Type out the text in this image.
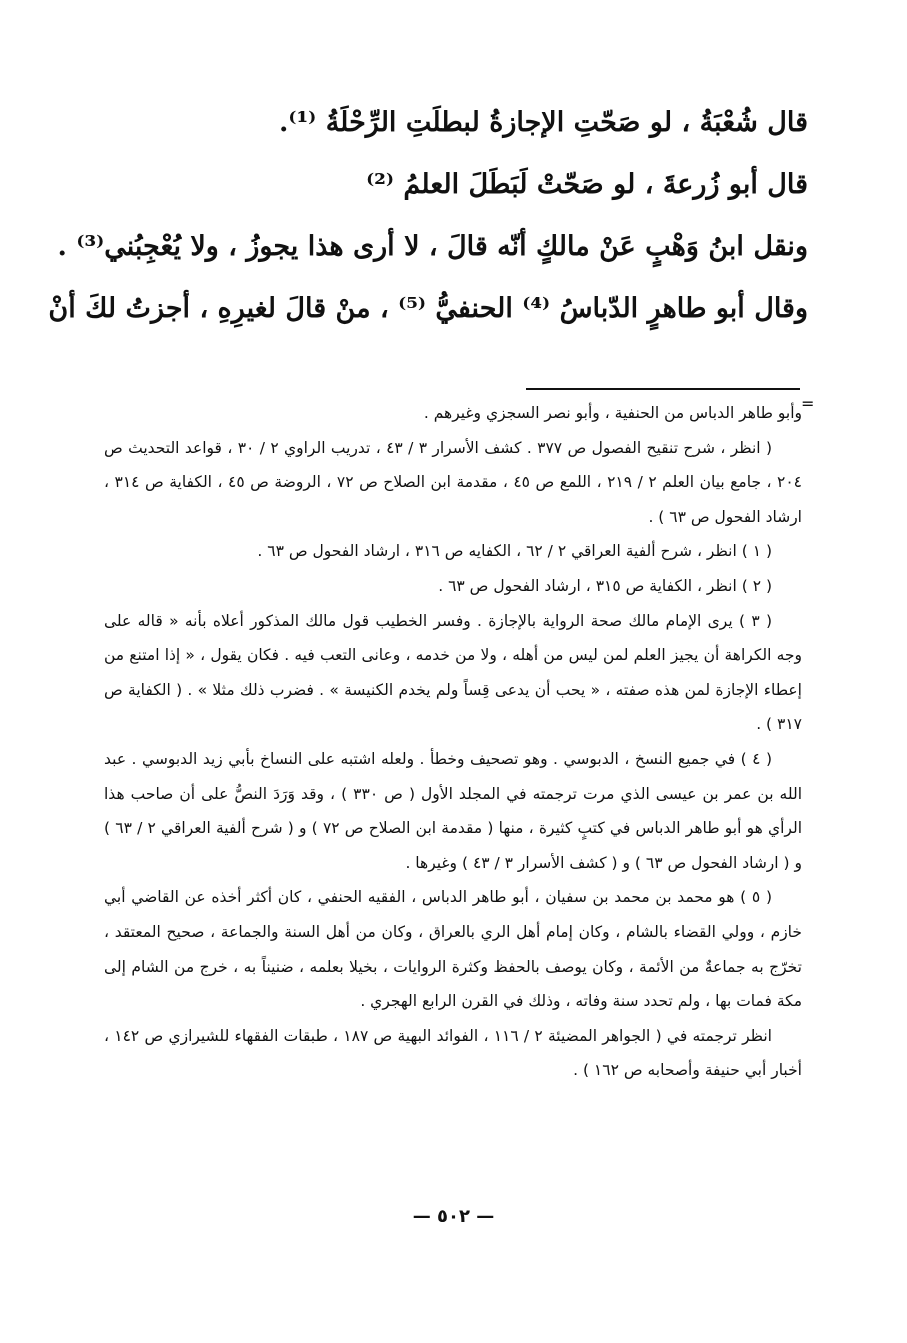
قال شُعْبَةُ ، لو صَحّتِ الإجازةُ لبطلَتِ الرِّحْلَةُ ⁽¹⁾.
قال أبو زُرعةَ ، لو صَحّتْ لَبَطَلَ العلمُ ⁽²⁾
ونقل ابنُ وَهْبٍ عَنْ مالكٍ أنّه قالَ ، لا أرى هذا يجوزُ ، ولا يُعْجِبُني⁽³⁾ .
وقال أبو طاهرٍ الدّباسُ ⁽⁴⁾ الحنفيُّ ⁽⁵⁾ ، منْ قالَ لغيرِهِ ، أجزتُ لكَ أنْ
=

وأبو طاهر الدباس من الحنفية ، وأبو نصر السجزي وغيرهم .

( انظر ، شرح تنقيح الفصول ص ٣٧٧ . كشف الأسرار ٣ / ٤٣ ، تدريب الراوي ٢ / ٣٠ ، قواعد التحديث ص ٢٠٤ ، جامع بيان العلم ٢ / ٢١٩ ، اللمع ص ٤٥ ، مقدمة ابن الصلاح ص ٧٢ ، الروضة ص ٤٥ ، الكفاية ص ٣١٤ ، ارشاد الفحول ص ٦٣ ) .

( ١ ) انظر ، شرح ألفية العراقي ٢ / ٦٢ ، الكفايه ص ٣١٦ ، ارشاد الفحول ص ٦٣ .

( ٢ ) انظر ، الكفاية ص ٣١٥ ، ارشاد الفحول ص ٦٣ .

( ٣ ) يرى الإمام مالك صحة الرواية بالإجازة . وفسر الخطيب قول مالك المذكور أعلاه بأنه « قاله على وجه الكراهة أن يجيز العلم لمن ليس من أهله ، ولا من خدمه ، وعانى التعب فيه . فكان يقول ، « إذا امتنع من إعطاء الإجازة لمن هذه صفته ، « يحب أن يدعى قِساً ولم يخدم الكنيسة » . فضرب ذلك مثلا » . ( الكفاية ص ٣١٧ ) .

( ٤ ) في جميع النسخ ، الدبوسي . وهو تصحيف وخطأ . ولعله اشتبه على النساخ بأبي زيد الدبوسي . عبد الله بن عمر بن عيسى الذي مرت ترجمته في المجلد الأول ( ص ٣٣٠ ) ، وقد وَرَدَ النصُّ على أن صاحب هذا الرأي هو أبو طاهر الدباس في كتبٍ كثيرة ، منها ( مقدمة ابن الصلاح ص ٧٢ ) و ( شرح ألفية العراقي ٢ / ٦٣ ) و ( ارشاد الفحول ص ٦٣ ) و ( كشف الأسرار ٣ / ٤٣ ) وغيرها .

( ٥ ) هو محمد بن محمد بن سفيان ، أبو طاهر الدباس ، الفقيه الحنفي ، كان أكثر أخذه عن القاضي أبي خازم ، وولي القضاء بالشام ، وكان إمام أهل الري بالعراق ، وكان من أهل السنة والجماعة ، صحيح المعتقد ، تخرّج به جماعةٌ من الأئمة ، وكان يوصف بالحفظ وكثرة الروايات ، بخيلا بعلمه ، ضنيناً به ، خرج من الشام إلى مكة فمات بها ، ولم تحدد سنة وفاته ، وذلك في القرن الرابع الهجري .

انظر ترجمته في ( الجواهر المضيئة ٢ / ١١٦ ، الفوائد البهية ص ١٨٧ ، طبقات الفقهاء للشيرازي ص ١٤٢ ، أخبار أبي حنيفة وأصحابه ص ١٦٢ ) .

— ٥٠٢ —
